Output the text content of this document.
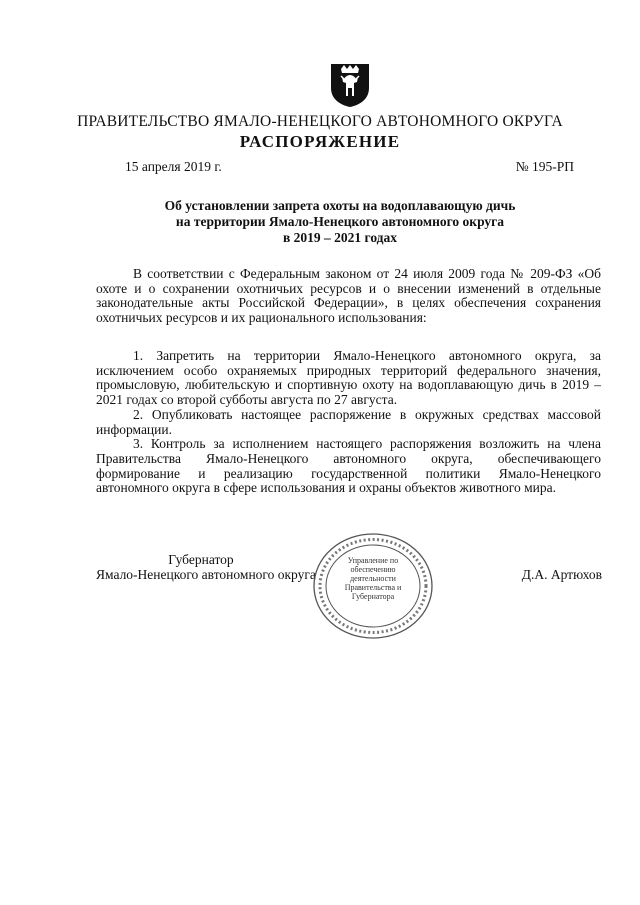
ПРАВИТЕЛЬСТВО ЯМАЛО-НЕНЕЦКОГО АВТОНОМНОГО ОКРУГА
РАСПОРЯЖЕНИЕ
15 апреля 2019 г.	№ 195-РП
Об установлении запрета охоты на водоплавающую дичь
на территории Ямало-Ненецкого автономного округа
в 2019 – 2021 годах

В соответствии с Федеральным законом от 24 июля 2009 года № 209-ФЗ «Об охоте и о сохранении охотничьих ресурсов и о внесении изменений в отдельные законодательные акты Российской Федерации», в целях обеспечения сохранения охотничьих ресурсов и их рационального использования:

1. Запретить на территории Ямало-Ненецкого автономного округа, за исключением особо охраняемых природных территорий федерального значения, промысловую, любительскую и спортивную охоту на водоплавающую дичь в 2019 – 2021 годах со второй субботы августа по 27 августа.

2. Опубликовать настоящее распоряжение в окружных средствах массовой информации.

3. Контроль за исполнением настоящего распоряжения возложить на члена Правительства Ямало-Ненецкого автономного округа, обеспечивающего формирование и реализацию государственной политики Ямало-Ненецкого автономного округа в сфере использования и охраны объектов животного мира.

Губернатор
Ямало-Ненецкого автономного округа
Управление по обеспечению деятельности Правительства и Губернатора
Д.А. Артюхов
